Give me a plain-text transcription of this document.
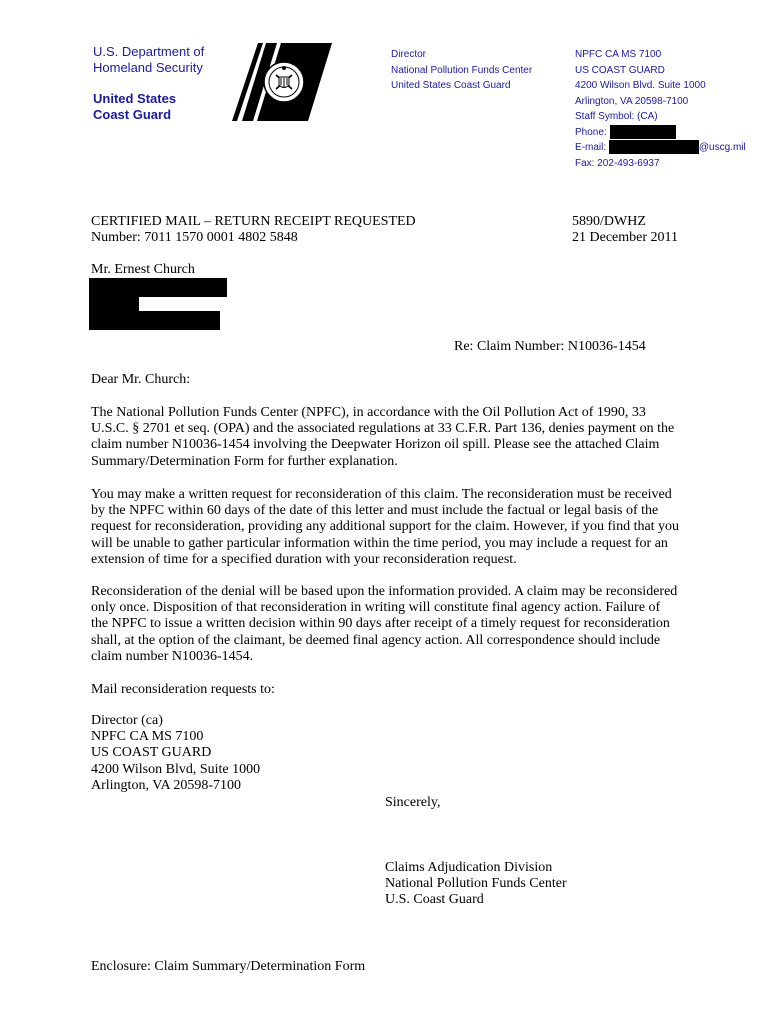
U.S. Department of
Homeland Security
United States
Coast Guard
Director
National Pollution Funds Center
United States Coast Guard
NPFC CA MS 7100
US COAST GUARD
4200 Wilson Blvd. Suite 1000
Arlington, VA 20598-7100
Staff Symbol: (CA)
Phone:
E-mail:	@uscg.mil
Fax: 202-493-6937
CERTIFIED MAIL – RETURN RECEIPT REQUESTED
Number: 7011 1570 0001 4802 5848
5890/DWHZ
21 December 2011
Mr. Ernest Church
Re: Claim Number: N10036-1454
Dear Mr. Church:
The National Pollution Funds Center (NPFC), in accordance with the Oil Pollution Act of 1990, 33
U.S.C. § 2701 et seq. (OPA) and the associated regulations at 33 C.F.R. Part 136, denies payment on the
claim number N10036-1454 involving the Deepwater Horizon oil spill. Please see the attached Claim
Summary/Determination Form for further explanation.
You may make a written request for reconsideration of this claim. The reconsideration must be received
by the NPFC within 60 days of the date of this letter and must include the factual or legal basis of the
request for reconsideration, providing any additional support for the claim. However, if you find that you
will be unable to gather particular information within the time period, you may include a request for an
extension of time for a specified duration with your reconsideration request.
Reconsideration of the denial will be based upon the information provided. A claim may be reconsidered
only once. Disposition of that reconsideration in writing will constitute final agency action. Failure of
the NPFC to issue a written decision within 90 days after receipt of a timely request for reconsideration
shall, at the option of the claimant, be deemed final agency action. All correspondence should include
claim number N10036-1454.
Mail reconsideration requests to:
Director (ca)
NPFC CA MS 7100
US COAST GUARD
4200 Wilson Blvd, Suite 1000
Arlington, VA 20598-7100
Sincerely,
Claims Adjudication Division
National Pollution Funds Center
U.S. Coast Guard
Enclosure: Claim Summary/Determination Form
